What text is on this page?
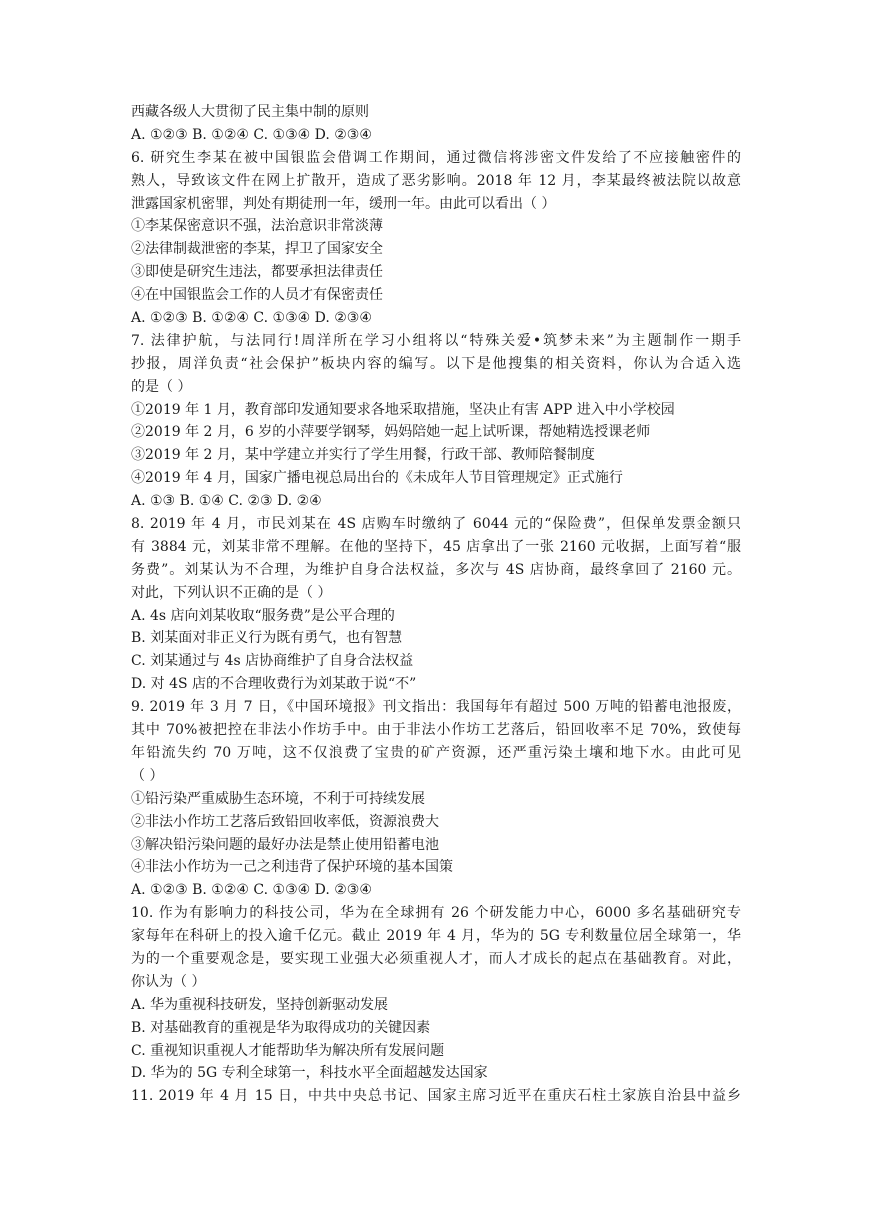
西藏各级人大贯彻了民主集中制的原则
A. ①②③ B. ①②④ C. ①③④ D. ②③④
6. 研究生李某在被中国银监会借调工作期间，通过微信将涉密文件发给了不应接触密件的
熟人，导致该文件在网上扩散开，造成了恶劣影响。2018 年 12 月，李某最终被法院以故意
泄露国家机密罪，判处有期徒刑一年，缓刑一年。由此可以看出（ ）
①李某保密意识不强，法治意识非常淡薄
②法律制裁泄密的李某，捍卫了国家安全
③即使是研究生违法，都要承担法律责任
④在中国银监会工作的人员才有保密责任
A. ①②③ B. ①②④ C. ①③④ D. ②③④
7. 法律护航，与法同行!周洋所在学习小组将以“特殊关爱•筑梦未来”为主题制作一期手
抄报，周洋负责“社会保护”板块内容的编写。以下是他搜集的相关资料，你认为合适入选
的是（ ）
①2019 年 1 月，教育部印发通知要求各地采取措施，坚决止有害 APP 进入中小学校园
②2019 年 2 月，6 岁的小萍要学钢琴，妈妈陪她一起上试听课，帮她精选授课老师
③2019 年 2 月，某中学建立并实行了学生用餐，行政干部、教师陪餐制度
④2019 年 4 月，国家广播电视总局出台的《未成年人节目管理规定》正式施行
A. ①③ B. ①④ C. ②③ D. ②④
8. 2019 年 4 月，市民刘某在 4S 店购车时缴纳了 6044 元的“保险费”，但保单发票金额只
有 3884 元，刘某非常不理解。在他的坚持下，45 店拿出了一张 2160 元收据，上面写着“服
务费”。刘某认为不合理，为维护自身合法权益，多次与 4S 店协商，最终拿回了 2160 元。
对此，下列认识不正确的是（ ）
A. 4s 店向刘某收取“服务费”是公平合理的
B. 刘某面对非正义行为既有勇气，也有智慧
C. 刘某通过与 4s 店协商维护了自身合法权益
D. 对 4S 店的不合理收费行为刘某敢于说“不”
9. 2019 年 3 月 7 日，《中国环境报》刊文指出：我国每年有超过 500 万吨的铅蓄电池报废，
其中 70%被把控在非法小作坊手中。由于非法小作坊工艺落后，铅回收率不足 70%，致使每
年铅流失约 70 万吨，这不仅浪费了宝贵的矿产资源，还严重污染土壤和地下水。由此可见
（ ）
①铅污染严重威胁生态环境，不利于可持续发展
②非法小作坊工艺落后致铅回收率低，资源浪费大
③解决铅污染问题的最好办法是禁止使用铅蓄电池
④非法小作坊为一己之利违背了保护环境的基本国策
A. ①②③ B. ①②④ C. ①③④ D. ②③④
10. 作为有影响力的科技公司，华为在全球拥有 26 个研发能力中心，6000 多名基础研究专
家每年在科研上的投入逾千亿元。截止 2019 年 4 月，华为的 5G 专利数量位居全球第一，华
为的一个重要观念是，要实现工业强大必须重视人才，而人才成长的起点在基础教育。对此，
你认为（ ）
A. 华为重视科技研发，坚持创新驱动发展
B. 对基础教育的重视是华为取得成功的关键因素
C. 重视知识重视人才能帮助华为解决所有发展问题
D. 华为的 5G 专利全球第一，科技水平全面超越发达国家
11. 2019 年 4 月 15 日，中共中央总书记、国家主席习近平在重庆石柱土家族自治县中益乡
